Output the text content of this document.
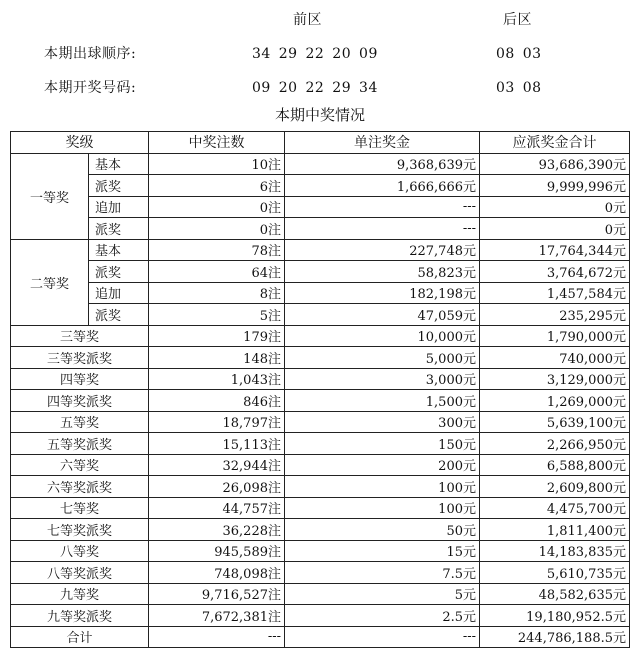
前区	后区
本期出球顺序:	34 29 22 20 09	08 03
本期开奖号码:	09 20 22 29 34	03 08
本期中奖情况
奖级		中奖注数	单注奖金	应派奖金合计
一等奖	基本	10注	9,368,639元	93,686,390元
	派奖	6注	1,666,666元	9,999,996元
	追加	0注	---	0元
	派奖	0注	---	0元
二等奖	基本	78注	227,748元	17,764,344元
	派奖	64注	58,823元	3,764,672元
	追加	8注	182,198元	1,457,584元
	派奖	5注	47,059元	235,295元
三等奖		179注	10,000元	1,790,000元
三等奖派奖		148注	5,000元	740,000元
四等奖		1,043注	3,000元	3,129,000元
四等奖派奖		846注	1,500元	1,269,000元
五等奖		18,797注	300元	5,639,100元
五等奖派奖		15,113注	150元	2,266,950元
六等奖		32,944注	200元	6,588,800元
六等奖派奖		26,098注	100元	2,609,800元
七等奖		44,757注	100元	4,475,700元
七等奖派奖		36,228注	50元	1,811,400元
八等奖		945,589注	15元	14,183,835元
八等奖派奖		748,098注	7.5元	5,610,735元
九等奖		9,716,527注	5元	48,582,635元
九等奖派奖		7,672,381注	2.5元	19,180,952.5元
合计		---	---	244,786,188.5元
